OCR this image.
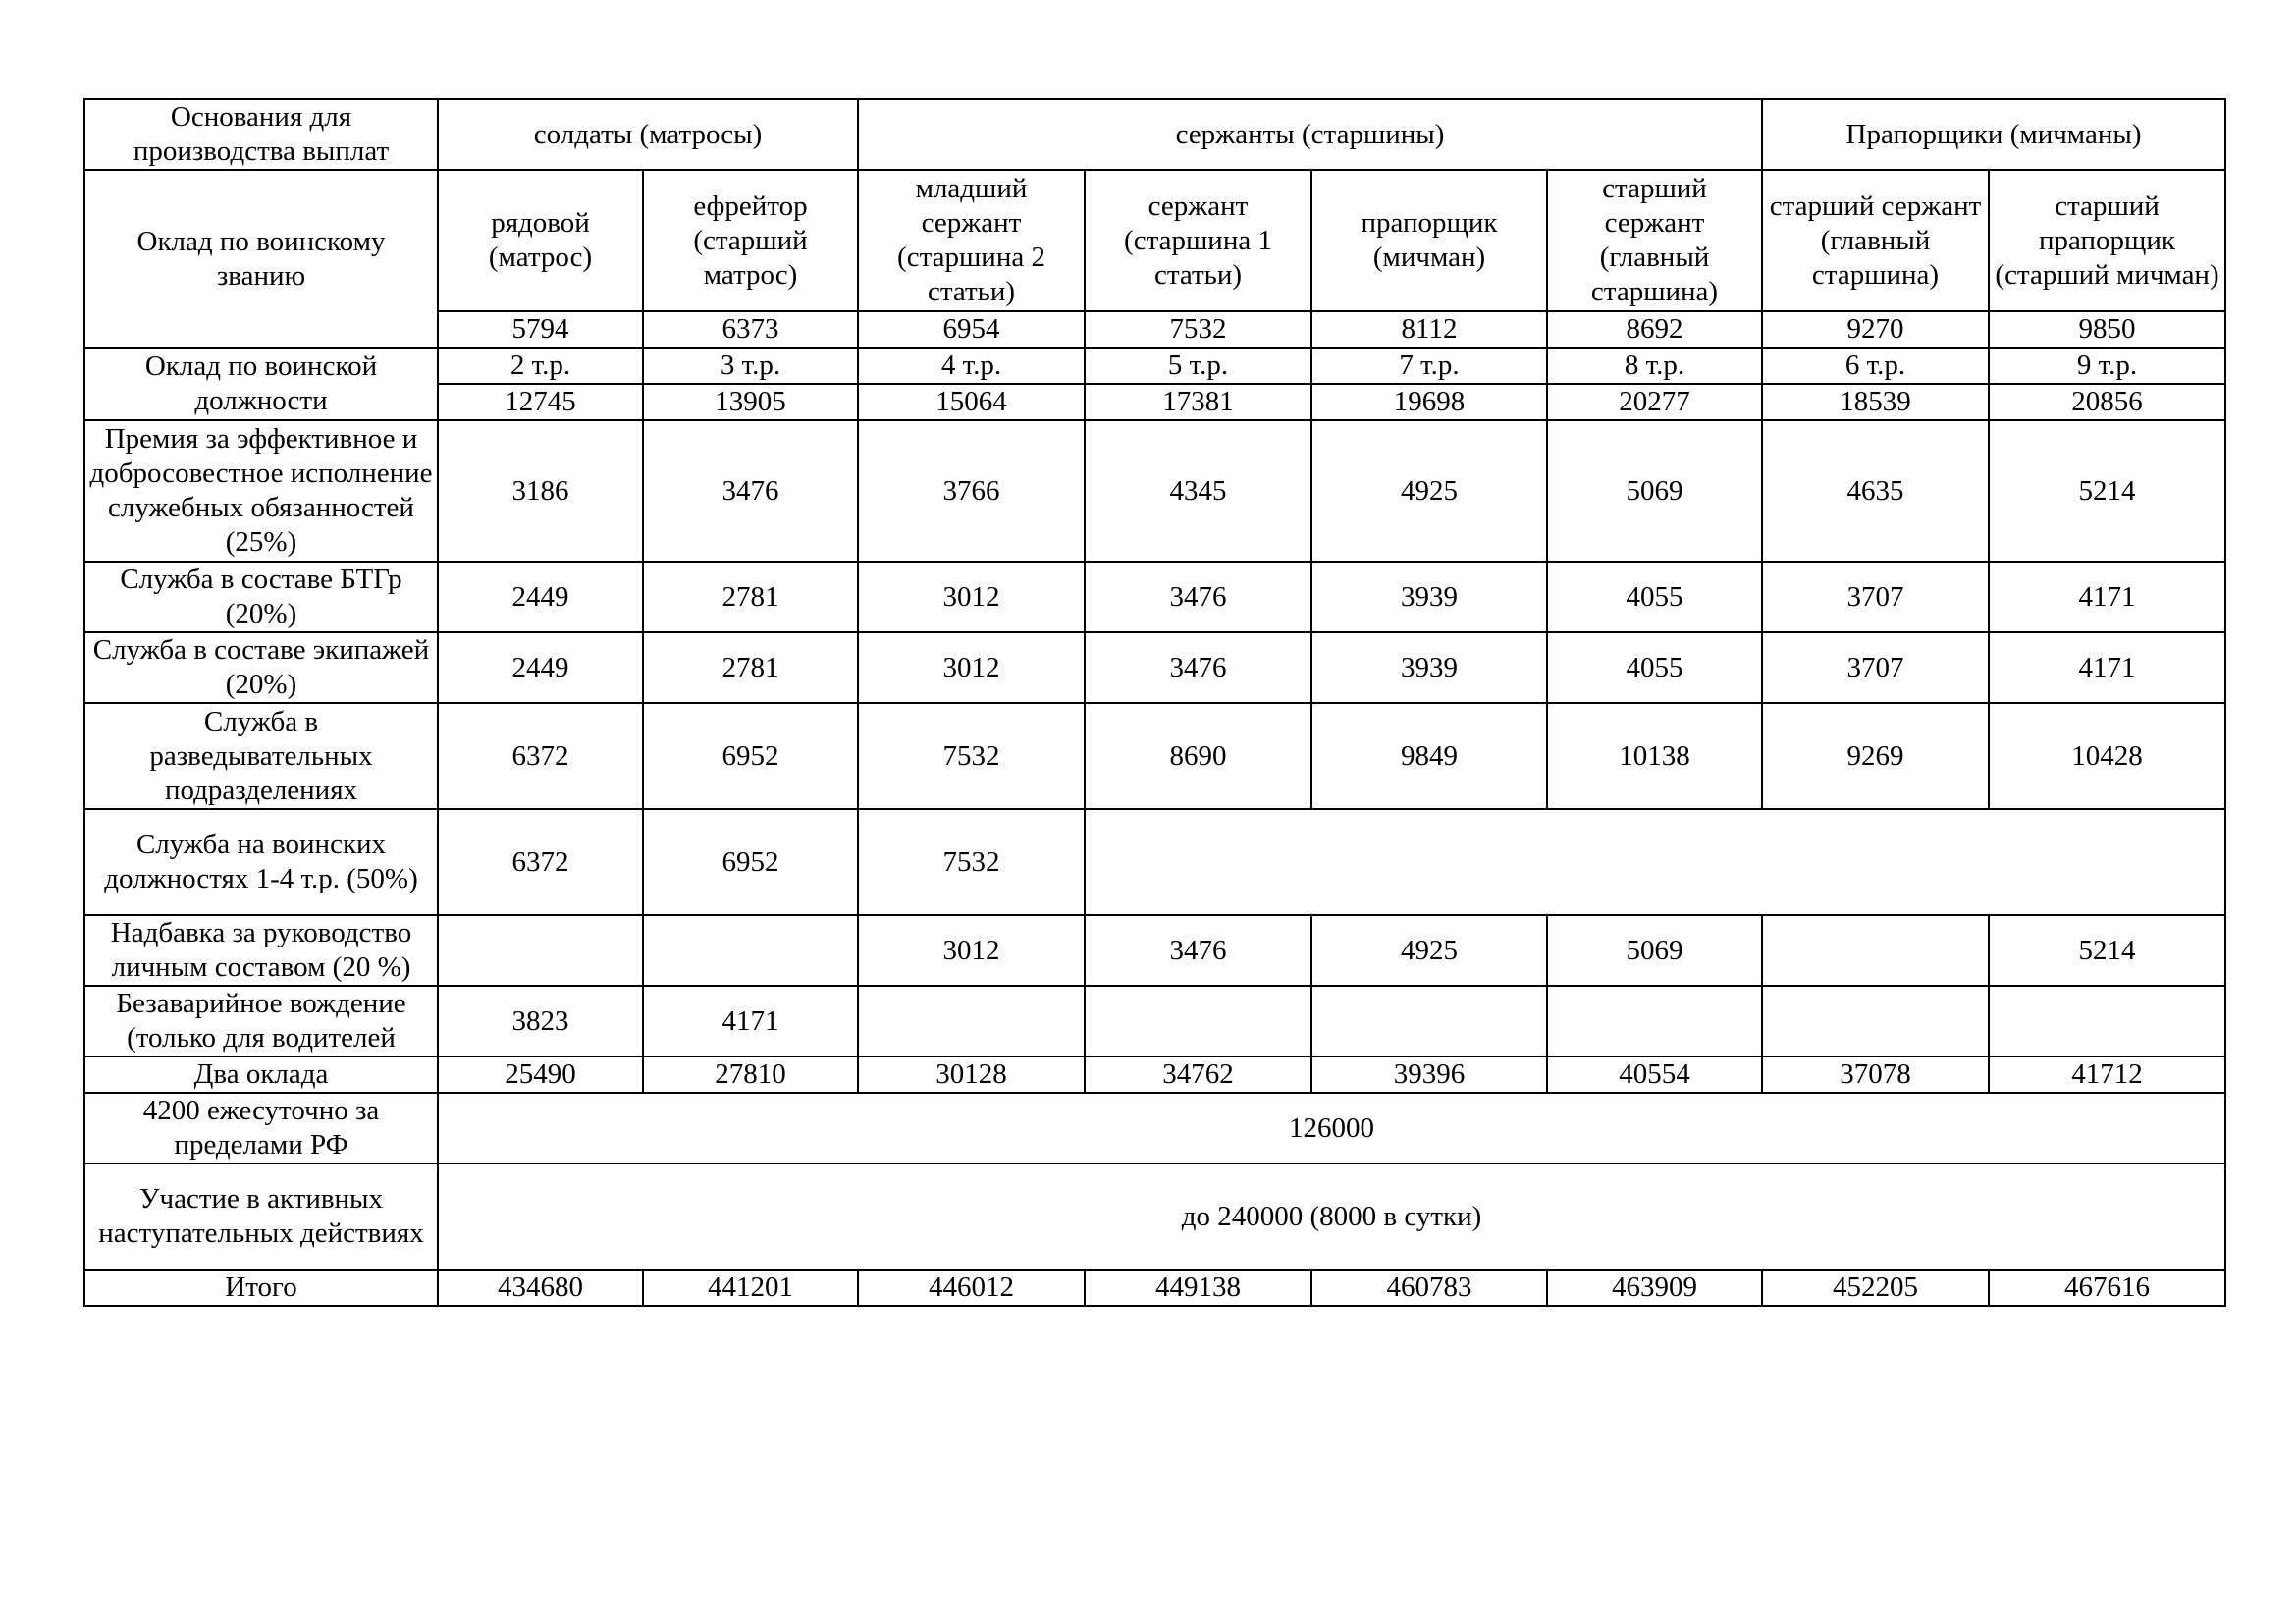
Основания для производства выплат	солдаты (матросы)		сержанты (старшины)				Прапорщики (мичманы)	
Оклад по воинскому званию	рядовой (матрос)	ефрейтор (старший матрос)	младший сержант (старшина 2 статьи)	сержант (старшина 1 статьи)	прапорщик (мичман)	старший сержант (главный старшина)	старший сержант (главный старшина)	старший прапорщик (старший мичман)
	5794	6373	6954	7532	8112	8692	9270	9850
Оклад по воинской должности	2 т.р.	3 т.р.	4 т.р.	5 т.р.	7 т.р.	8 т.р.	6 т.р.	9 т.р.
	12745	13905	15064	17381	19698	20277	18539	20856
Премия за эффективное и добросовестное исполнение служебных обязанностей (25%)	3186	3476	3766	4345	4925	5069	4635	5214
Служба в составе БТГр (20%)	2449	2781	3012	3476	3939	4055	3707	4171
Служба в составе экипажей (20%)	2449	2781	3012	3476	3939	4055	3707	4171
Служба в разведывательных подразделениях	6372	6952	7532	8690	9849	10138	9269	10428
Служба на воинских должностях 1-4 т.р. (50%)	6372	6952	7532					
Надбавка за руководство личным составом (20 %)			3012	3476	4925	5069		5214
Безаварийное вождение (только для водителей	3823	4171						
Два оклада	25490	27810	30128	34762	39396	40554	37078	41712
4200 ежесуточно за пределами РФ	126000							
Участие в активных наступательных действиях	до 240000 (8000 в сутки)							
Итого	434680	441201	446012	449138	460783	463909	452205	467616
